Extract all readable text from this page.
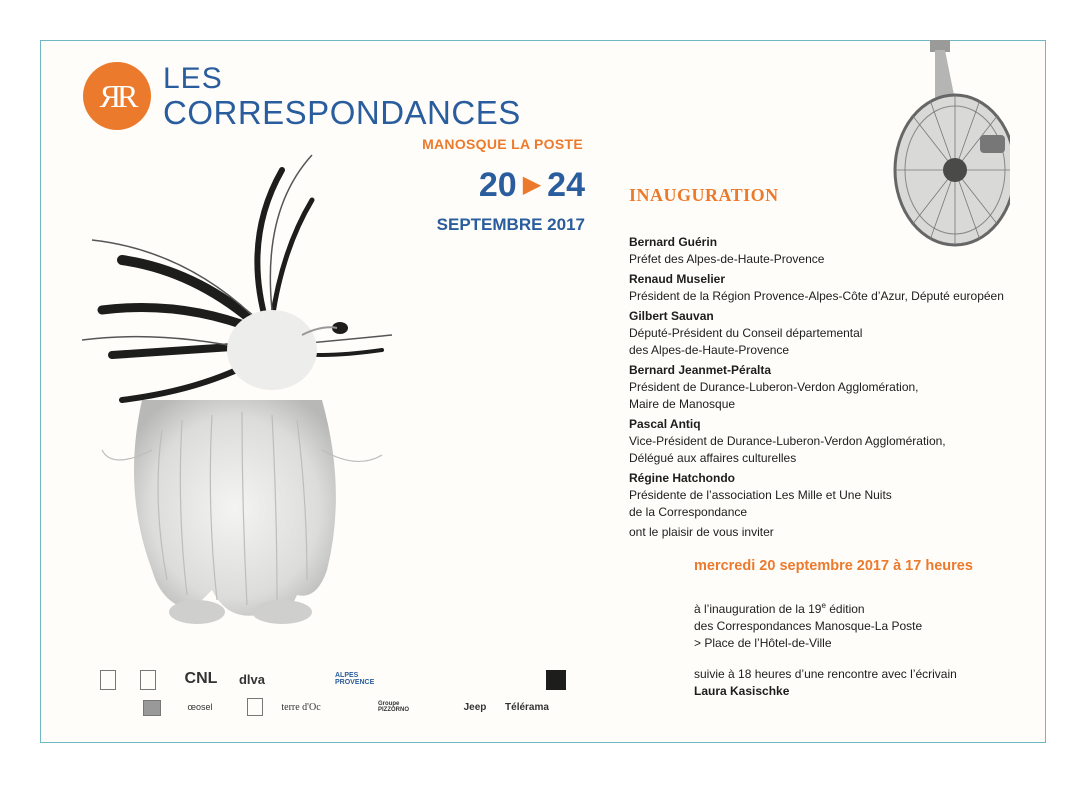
ЯR LES
CORRESPONDANCES
MANOSQUE LA POSTE
20 ▶ 24
SEPTEMBRE 2017
INAUGURATION
Bernard Guérin
Préfet des Alpes-de-Haute-Provence
Renaud Muselier
Président de la Région Provence-Alpes-Côte d’Azur, Député européen
Gilbert Sauvan
Député-Président du Conseil départemental
des Alpes-de-Haute-Provence
Bernard Jeanmet-Péralta
Président de Durance-Luberon-Verdon Agglomération,
Maire de Manosque
Pascal Antiq
Vice-Président de Durance-Luberon-Verdon Agglomération,
Délégué aux affaires culturelles
Régine Hatchondo
Présidente de l’association Les Mille et Une Nuits
de la Correspondance
ont le plaisir de vous inviter
mercredi 20 septembre 2017 à 17 heures
à l’inauguration de la 19e édition
des Correspondances Manosque-La Poste
> Place de l’Hôtel-de-Ville
suivie à 18 heures d’une rencontre avec l’écrivain
Laura Kasischke
CNL dlva	ALPES PROVENCE
œosel	terre d'Oc	Groupe PIZZORNO	Jeep Télérama
